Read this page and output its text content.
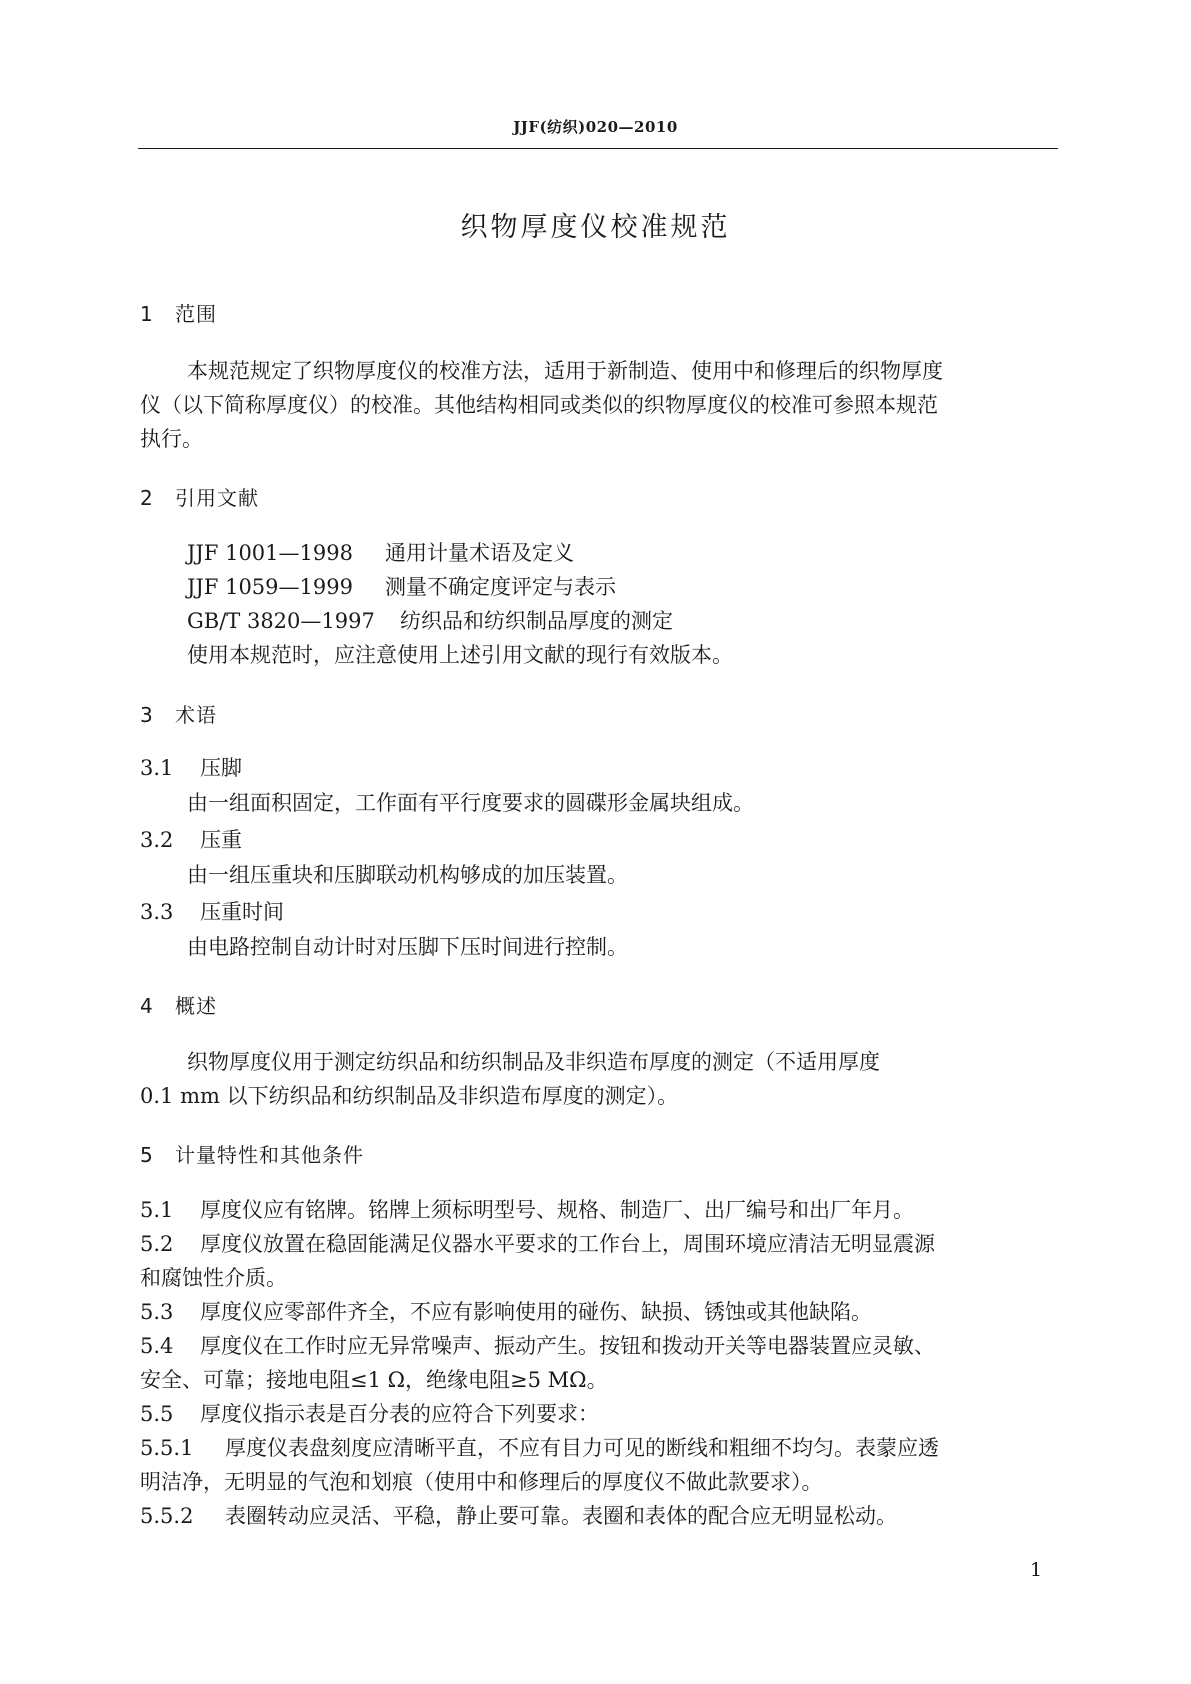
JJF(纺织)020—2010
织物厚度仪校准规范
1 范围
本规范规定了织物厚度仪的校准方法，适用于新制造、使用中和修理后的织物厚度
仪（以下简称厚度仪）的校准。其他结构相同或类似的织物厚度仪的校准可参照本规范
执行。
2 引用文献
JJF 1001—1998 通用计量术语及定义
JJF 1059—1999 测量不确定度评定与表示
GB/T 3820—1997 纺织品和纺织制品厚度的测定
使用本规范时，应注意使用上述引用文献的现行有效版本。
3 术语
3.1 压脚
由一组面积固定，工作面有平行度要求的圆碟形金属块组成。
3.2 压重
由一组压重块和压脚联动机构够成的加压装置。
3.3 压重时间
由电路控制自动计时对压脚下压时间进行控制。
4 概述
织物厚度仪用于测定纺织品和纺织制品及非织造布厚度的测定（不适用厚度
0.1 mm 以下纺织品和纺织制品及非织造布厚度的测定）。
5 计量特性和其他条件
5.1 厚度仪应有铭牌。铭牌上须标明型号、规格、制造厂、出厂编号和出厂年月。
5.2 厚度仪放置在稳固能满足仪器水平要求的工作台上，周围环境应清洁无明显震源
和腐蚀性介质。
5.3 厚度仪应零部件齐全，不应有影响使用的碰伤、缺损、锈蚀或其他缺陷。
5.4 厚度仪在工作时应无异常噪声、振动产生。按钮和拨动开关等电器装置应灵敏、
安全、可靠；接地电阻≤1 Ω，绝缘电阻≥5 MΩ。
5.5 厚度仪指示表是百分表的应符合下列要求：
5.5.1 厚度仪表盘刻度应清晰平直，不应有目力可见的断线和粗细不均匀。表蒙应透
明洁净，无明显的气泡和划痕（使用中和修理后的厚度仪不做此款要求）。
5.5.2 表圈转动应灵活、平稳，静止要可靠。表圈和表体的配合应无明显松动。
1
